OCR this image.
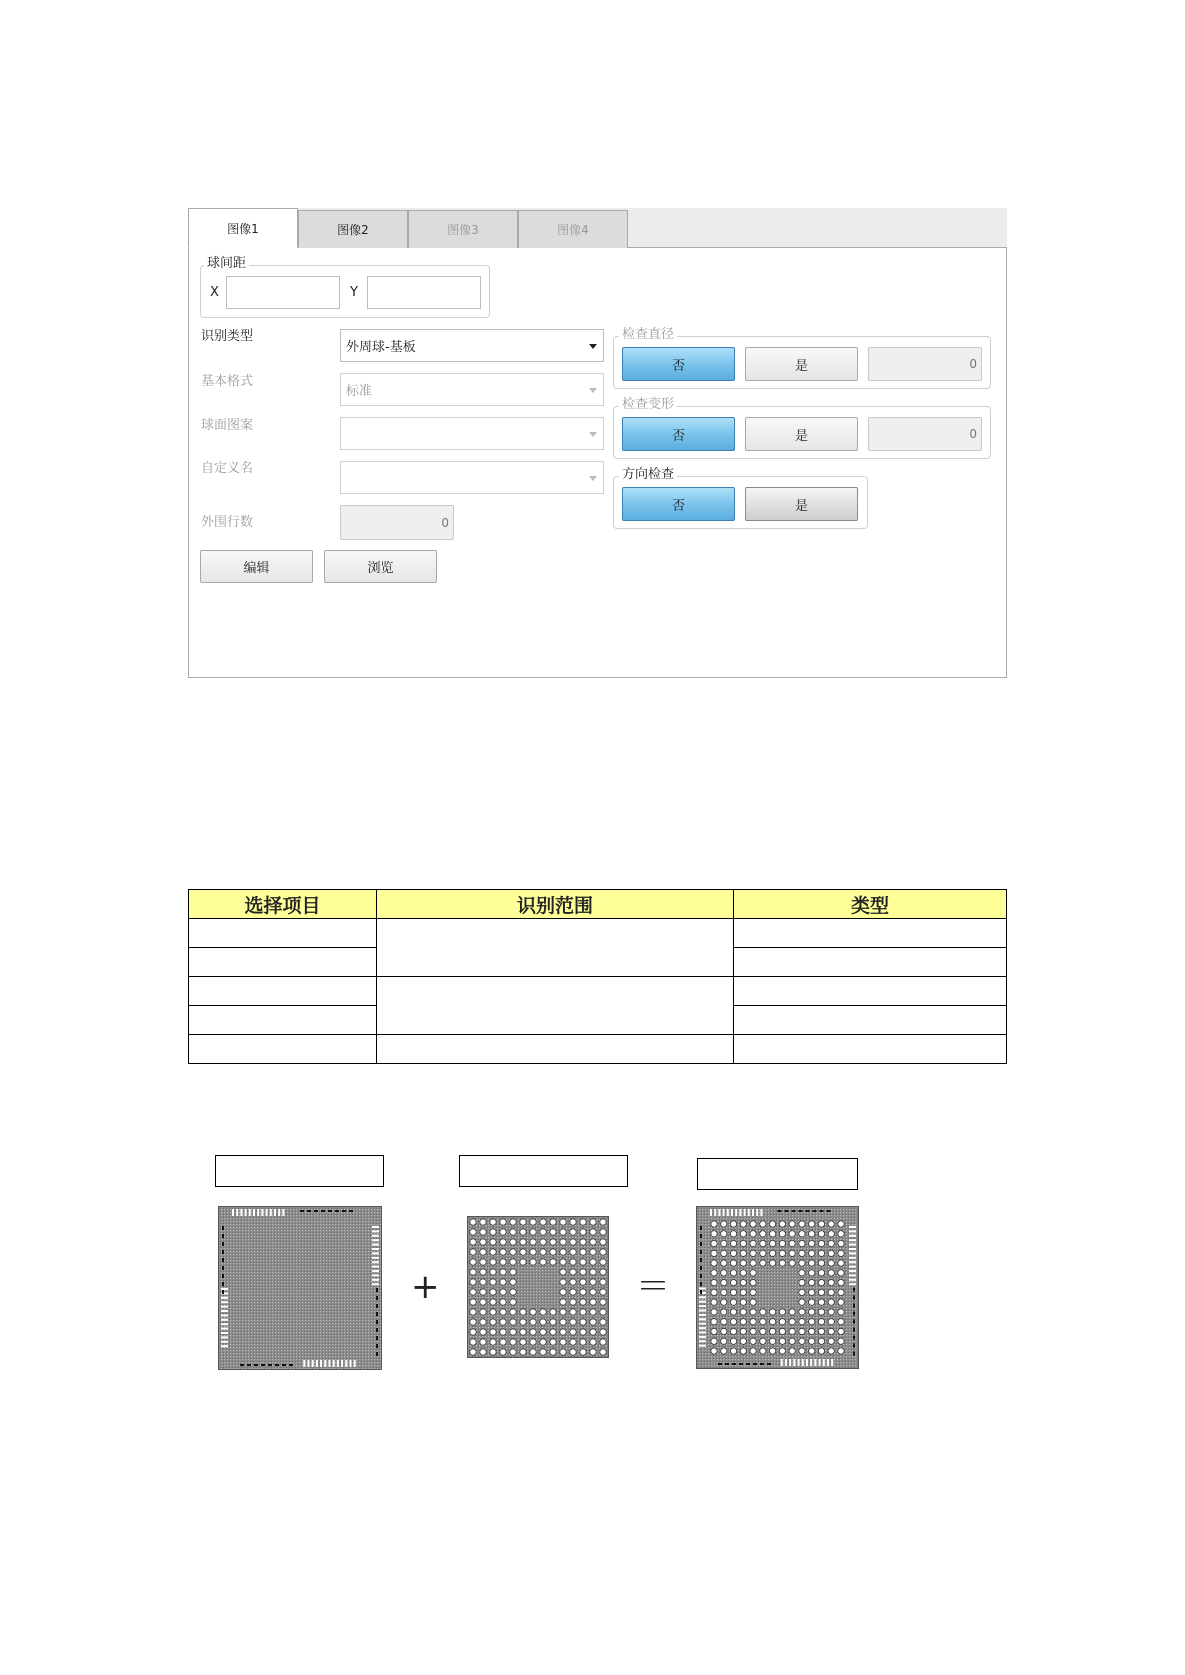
图像1	图像2	图像3	图像4
球间距
X	Y
识别类型
外周球-基板
基本格式
标准
球面图案
自定义名
外围行数	0
编辑	浏览
检查直径
否	是	0
检查变形
否	是	0
方向检查
否	是
选择项目	识别范围	类型

+	＝
